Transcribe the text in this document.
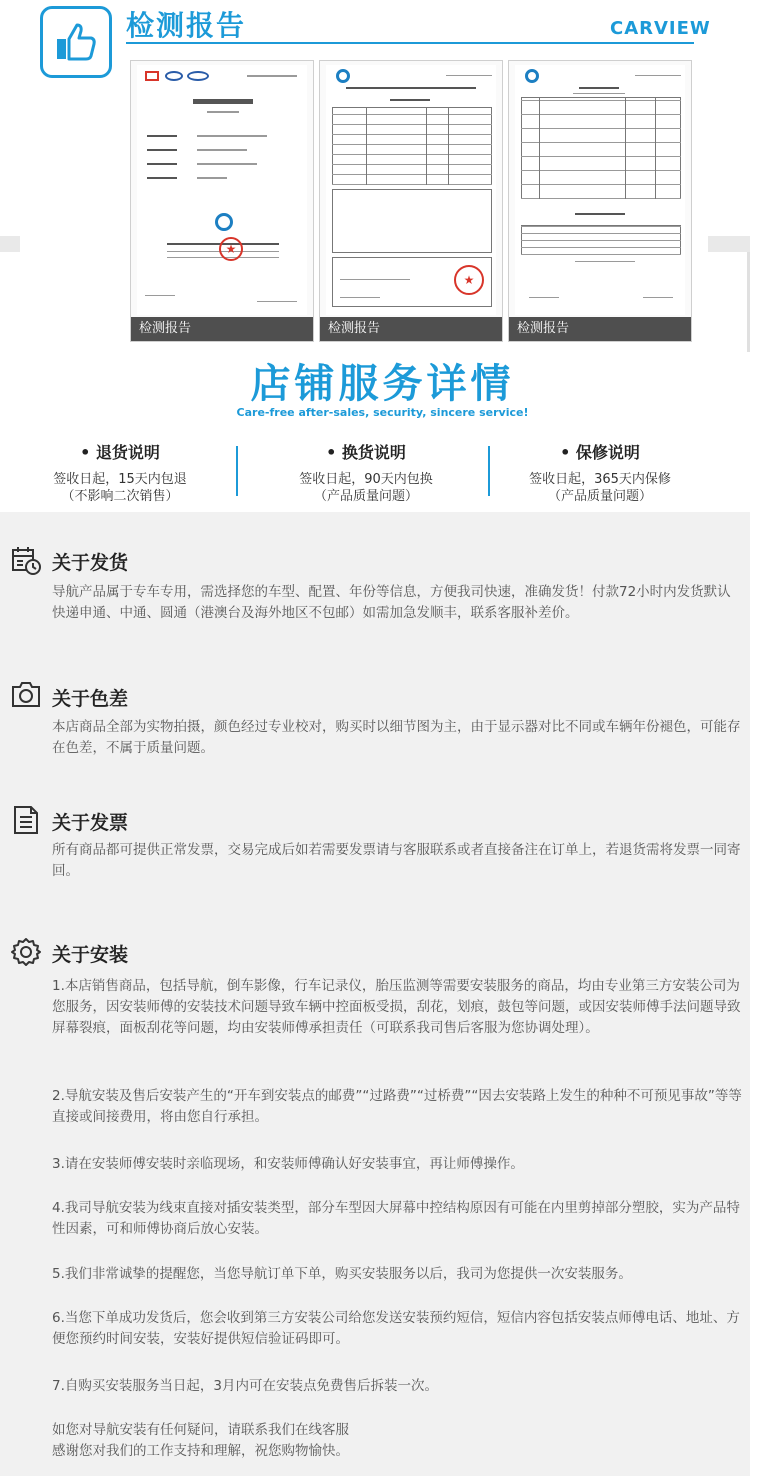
检测报告	CARVIEW
★
检测报告
★
检测报告	检测报告
店铺服务详情
Care-free after-sales, security, sincere service!
• 退货说明
签收日起，15天内包退
（不影响二次销售）
• 换货说明
签收日起，90天内包换
（产品质量问题）
• 保修说明
签收日起，365天内保修
（产品质量问题）
关于发货
导航产品属于专车专用，需选择您的车型、配置、年份等信息，方便我司快速，准确发货！付款72小时内发货默认快递申通、中通、圆通（港澳台及海外地区不包邮）如需加急发顺丰，联系客服补差价。
关于色差
本店商品全部为实物拍摄，颜色经过专业校对，购买时以细节图为主，由于显示器对比不同或车辆年份褪色，可能存在色差，不属于质量问题。
关于发票
所有商品都可提供正常发票，交易完成后如若需要发票请与客服联系或者直接备注在订单上，若退货需将发票一同寄回。
关于安装
1.本店销售商品，包括导航，倒车影像，行车记录仪，胎压监测等需要安装服务的商品，均由专业第三方安装公司为您服务，因安装师傅的安装技术问题导致车辆中控面板受损，刮花，划痕，鼓包等问题，或因安装师傅手法问题导致屏幕裂痕，面板刮花等问题，均由安装师傅承担责任（可联系我司售后客服为您协调处理）。
2.导航安装及售后安装产生的“开车到安装点的邮费”“过路费”“过桥费”“因去安装路上发生的种种不可预见事故”等等直接或间接费用，将由您自行承担。
3.请在安装师傅安装时亲临现场，和安装师傅确认好安装事宜，再让师傅操作。
4.我司导航安装为线束直接对插安装类型，部分车型因大屏幕中控结构原因有可能在内里剪掉部分塑胶，实为产品特性因素，可和师傅协商后放心安装。
5.我们非常诚挚的提醒您，当您导航订单下单，购买安装服务以后，我司为您提供一次安装服务。
6.当您下单成功发货后，您会收到第三方安装公司给您发送安装预约短信，短信内容包括安装点师傅电话、地址、方便您预约时间安装，安装好提供短信验证码即可。
7.自购买安装服务当日起，3月内可在安装点免费售后拆装一次。
如您对导航安装有任何疑问，请联系我们在线客服
感谢您对我们的工作支持和理解，祝您购物愉快。
